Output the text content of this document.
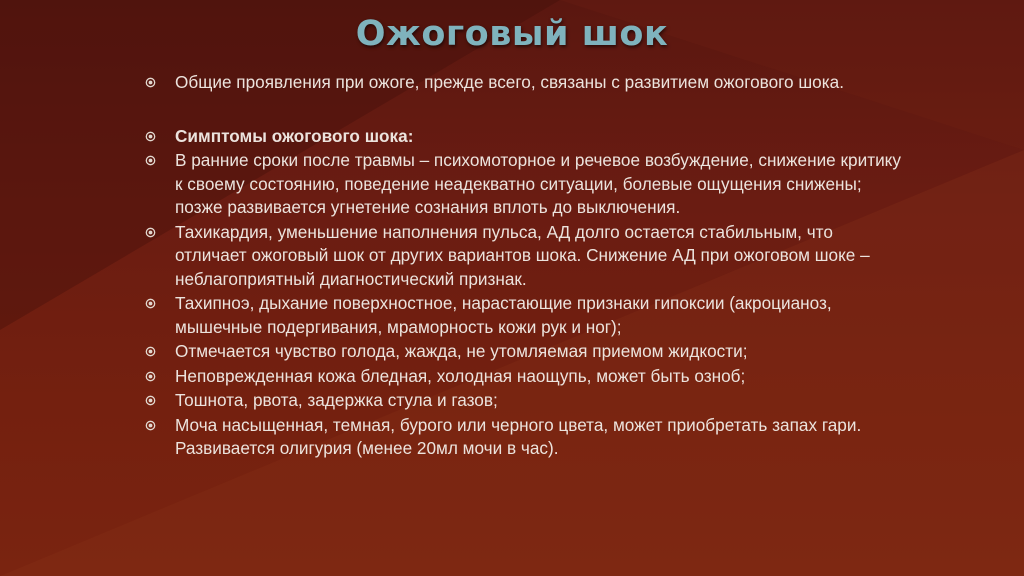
Ожоговый шок
Общие проявления при ожоге, прежде всего, связаны с развитием ожогового шока.
Симптомы ожогового шока:
В ранние сроки после травмы – психомоторное и речевое возбуждение, снижение критику к своему состоянию, поведение неадекватно ситуации, болевые ощущения снижены; позже развивается угнетение сознания вплоть до выключения.
Тахикардия, уменьшение наполнения пульса, АД долго остается стабильным, что отличает ожоговый шок от других вариантов шока. Снижение АД при ожоговом шоке – неблагоприятный диагностический признак.
Тахипноэ, дыхание поверхностное, нарастающие признаки гипоксии (акроцианоз, мышечные подергивания, мраморность кожи рук и ног);
Отмечается чувство голода, жажда, не утомляемая приемом жидкости;
Неповрежденная кожа бледная, холодная наощупь, может быть озноб;
Тошнота, рвота, задержка стула и газов;
Моча насыщенная, темная, бурого или черного цвета, может приобретать запах гари. Развивается олигурия (менее 20мл мочи в час).
